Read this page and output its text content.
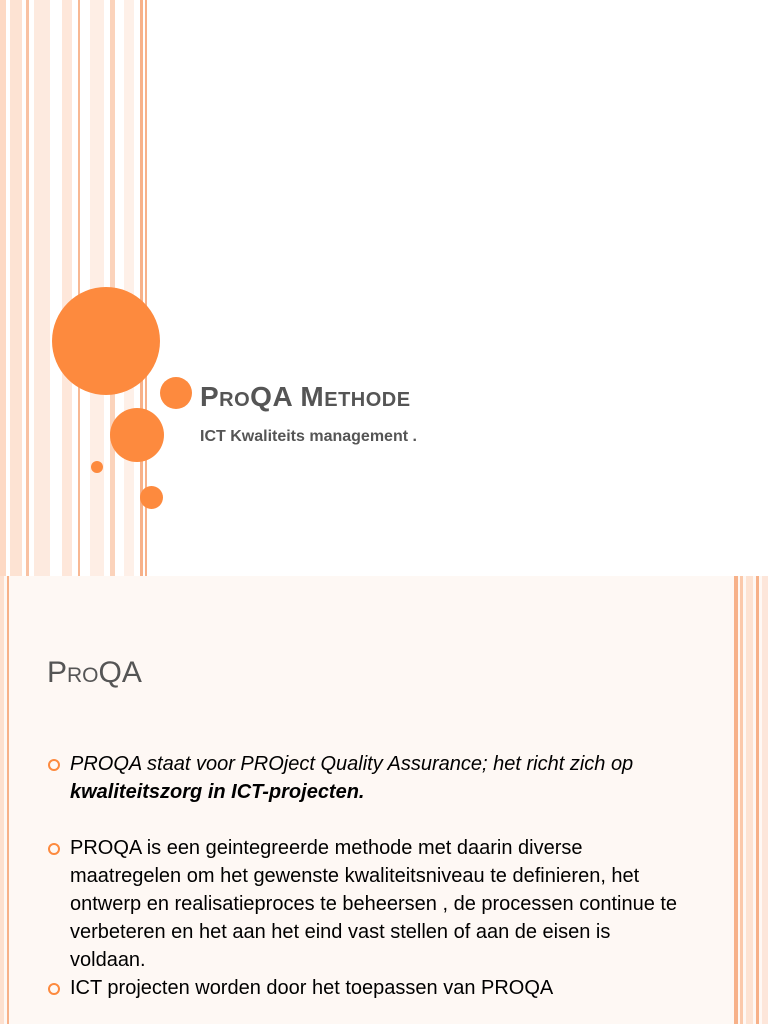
ProQA Methode

ICT Kwaliteits management .

ProQA
PROQA staat voor PROject Quality Assurance; het richt zich op kwaliteitszorg in ICT-projecten.
PROQA is een geintegreerde methode met daarin diverse maatregelen om het gewenste kwaliteitsniveau te definieren, het ontwerp en realisatieproces te beheersen , de processen continue te verbeteren en het aan het eind vast stellen of aan de eisen is voldaan.
ICT projecten worden door het toepassen van PROQA
